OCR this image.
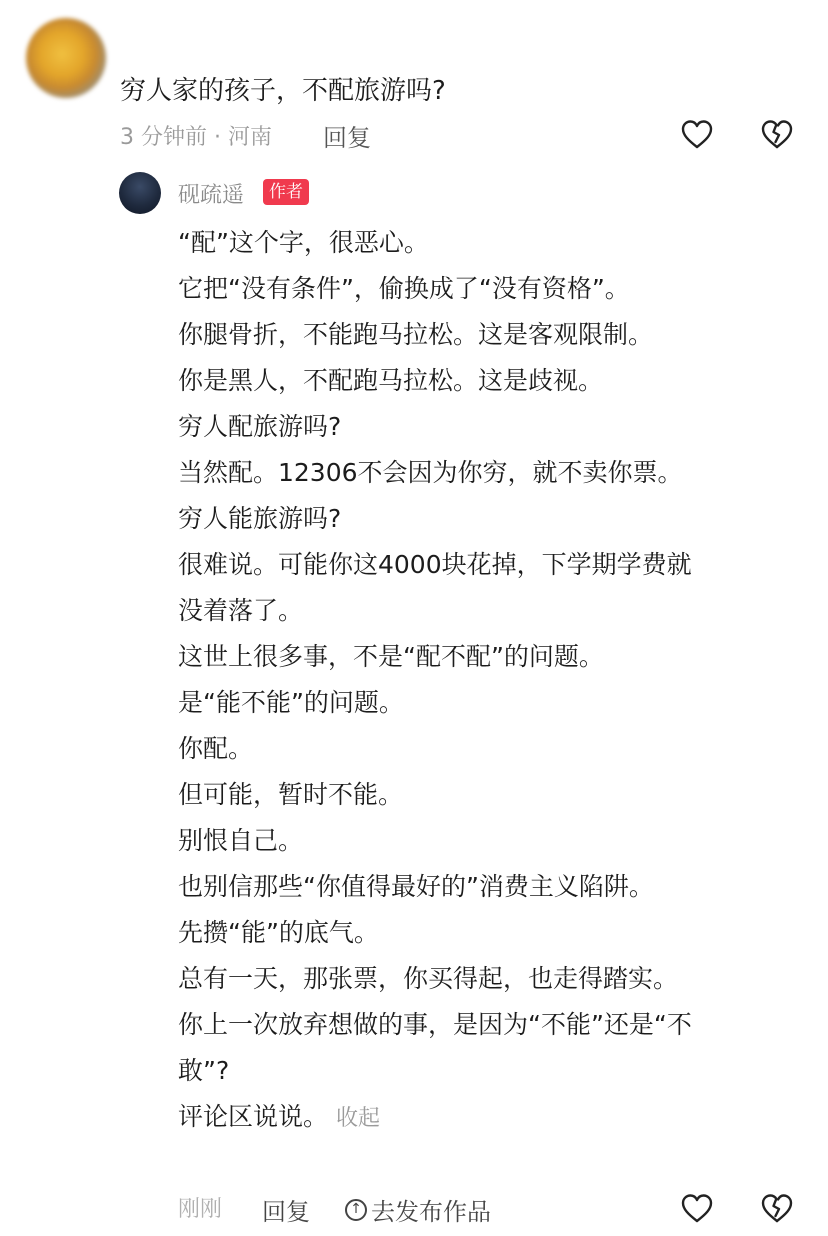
穷人家的孩子，不配旅游吗?
3 分钟前 · 河南 回复
砚疏遥	作者
“配”这个字，很恶心。
它把“没有条件”，偷换成了“没有资格”。
你腿骨折，不能跑马拉松。这是客观限制。
你是黑人，不配跑马拉松。这是歧视。
穷人配旅游吗?
当然配。12306不会因为你穷，就不卖你票。
穷人能旅游吗?
很难说。可能你这4000块花掉，下学期学费就
没着落了。
这世上很多事，不是“配不配”的问题。
是“能不能”的问题。
你配。
但可能，暂时不能。
别恨自己。
也别信那些“你值得最好的”消费主义陷阱。
先攒“能”的底气。
总有一天，那张票，你买得起，也走得踏实。
你上一次放弃想做的事，是因为“不能”还是“不
敢”?
评论区说说。 收起
刚刚 回复	↑ 去发布作品
